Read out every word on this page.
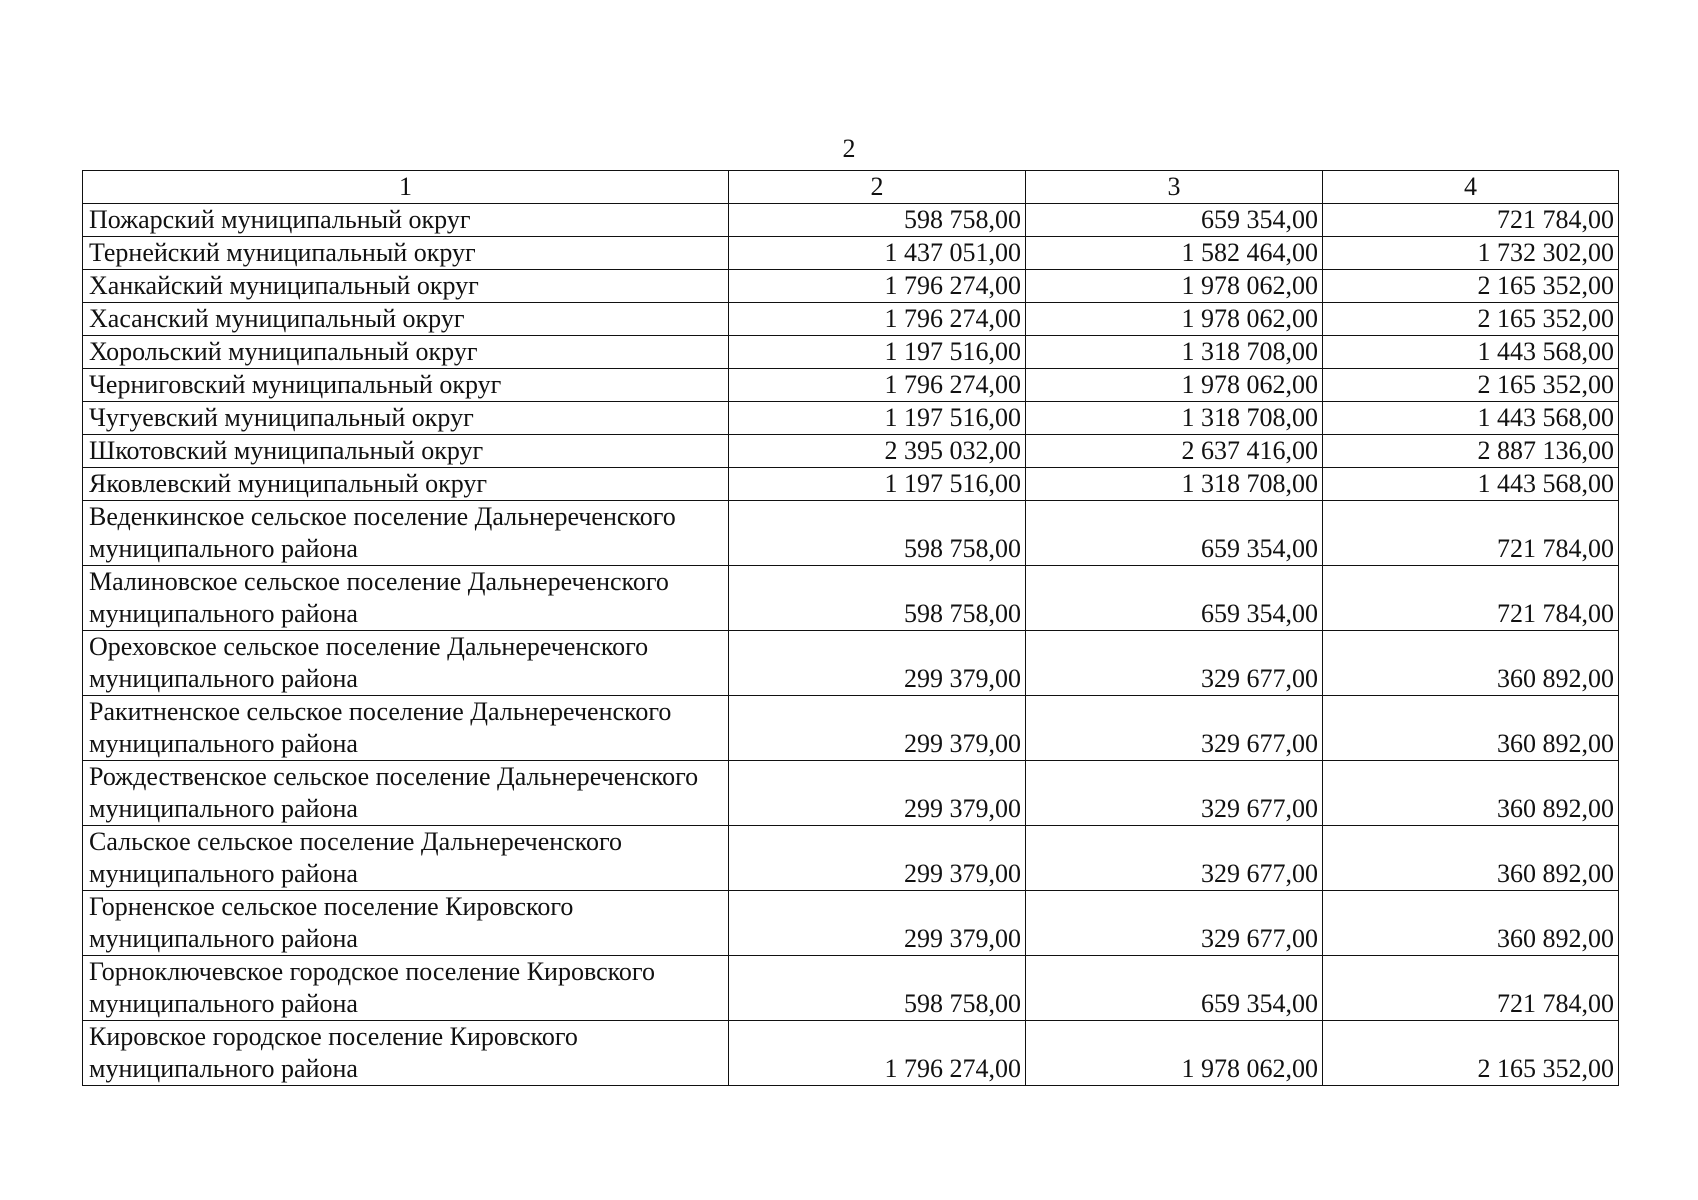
2
1	2	3	4
Пожарский муниципальный округ	598 758,00	659 354,00	721 784,00
Тернейский муниципальный округ	1 437 051,00	1 582 464,00	1 732 302,00
Ханкайский муниципальный округ	1 796 274,00	1 978 062,00	2 165 352,00
Хасанский муниципальный округ	1 796 274,00	1 978 062,00	2 165 352,00
Хорольский муниципальный округ	1 197 516,00	1 318 708,00	1 443 568,00
Черниговский муниципальный округ	1 796 274,00	1 978 062,00	2 165 352,00
Чугуевский муниципальный округ	1 197 516,00	1 318 708,00	1 443 568,00
Шкотовский муниципальный округ	2 395 032,00	2 637 416,00	2 887 136,00
Яковлевский муниципальный округ	1 197 516,00	1 318 708,00	1 443 568,00
Веденкинское сельское поселение Дальнереченского муниципального района	598 758,00	659 354,00	721 784,00
Малиновское сельское поселение Дальнереченского муниципального района	598 758,00	659 354,00	721 784,00
Ореховское сельское поселение Дальнереченского муниципального района	299 379,00	329 677,00	360 892,00
Ракитненское сельское поселение Дальнереченского муниципального района	299 379,00	329 677,00	360 892,00
Рождественское сельское поселение Дальнереченского муниципального района	299 379,00	329 677,00	360 892,00
Сальское сельское поселение Дальнереченского муниципального района	299 379,00	329 677,00	360 892,00
Горненское сельское поселение Кировского муниципального района	299 379,00	329 677,00	360 892,00
Горноключевское городское поселение Кировского муниципального района	598 758,00	659 354,00	721 784,00
Кировское городское поселение Кировского муниципального района	1 796 274,00	1 978 062,00	2 165 352,00
